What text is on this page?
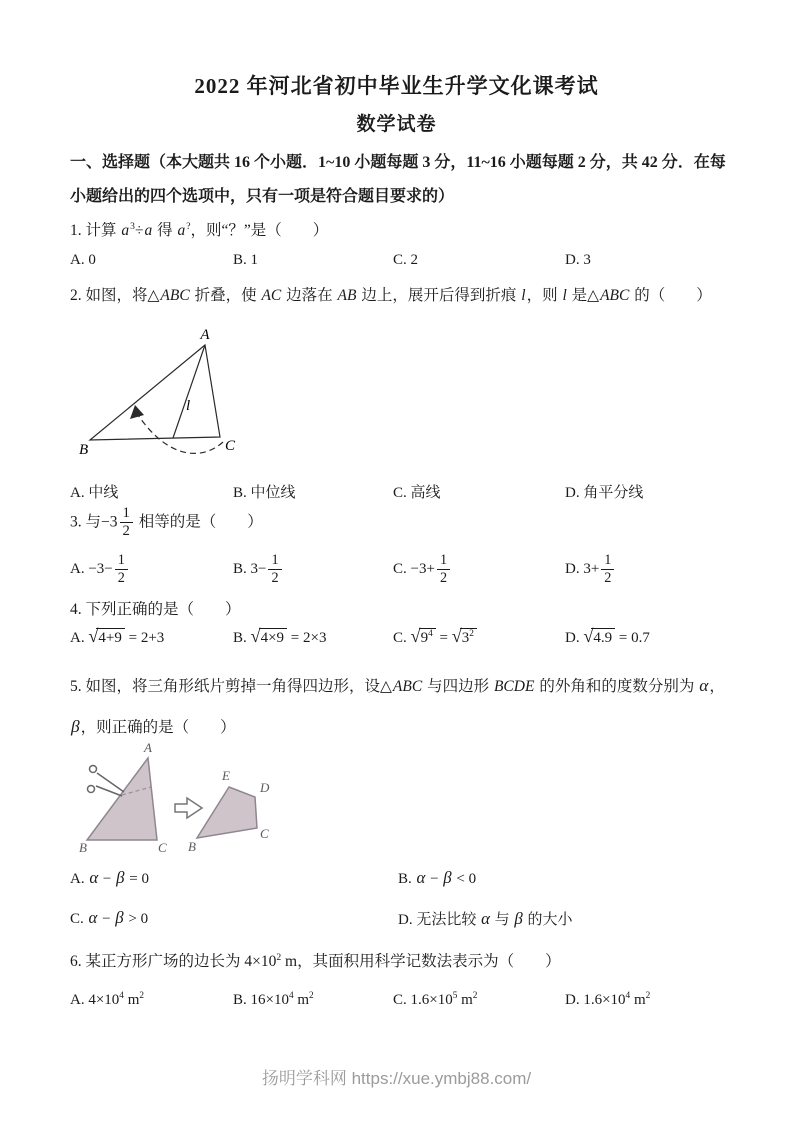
2022 年河北省初中毕业生升学文化课考试
数学试卷
一、选择题（本大题共 16 个小题．1~10 小题每题 3 分，11~16 小题每题 2 分，共 42 分．在每
小题给出的四个选项中，只有一项是符合题目要求的）
1. 计算 $a^3\div a$ 得 a?，则“？”是（　　）
A. 0	B. 1	C. 2	D. 3
2. 如图，将△ABC 折叠，使 AC 边落在 AB 边上，展开后得到折痕 l，则 l 是△ABC 的（　　）
A
B	C
l
A. 中线	B. 中位线	C. 高线	D. 角平分线
3. 与$-3 \frac{1}{2}$ 相等的是（　　）
A. $-3- \frac{1}{2}$	B. $3- \frac{1}{2}$	C. $-3+ \frac{1}{2}$	D. $3+ \frac{1}{2}$
4. 下列正确的是（　　）
A. √4+9 = 2+3	B. √4×9 = 2×3	C. $√9^4 = √3^2$	D. √4.9 = 0.7
5. 如图，将三角形纸片剪掉一角得四边形，设△ABC 与四边形 BCDE 的外角和的度数分别为 α， β，则正确的是（　　）
A
B	C B
C
D
E
A. α − β = 0	B. α − β < 0
C. α − β > 0	D. 无法比较 α 与 β 的大小
6. 某正方形广场的边长为 $4\times 10^2$ m，其面积用科学记数法表示为（　　）
A. $4\times 10^4$ $m^2$	B. $16\times 10^4$ $m^2$	C. $1.6\times 10^5$ $m^2$	D. $1.6\times 10^4$ $m^2$
扬明学科网 https://xue.ymbj88.com/
